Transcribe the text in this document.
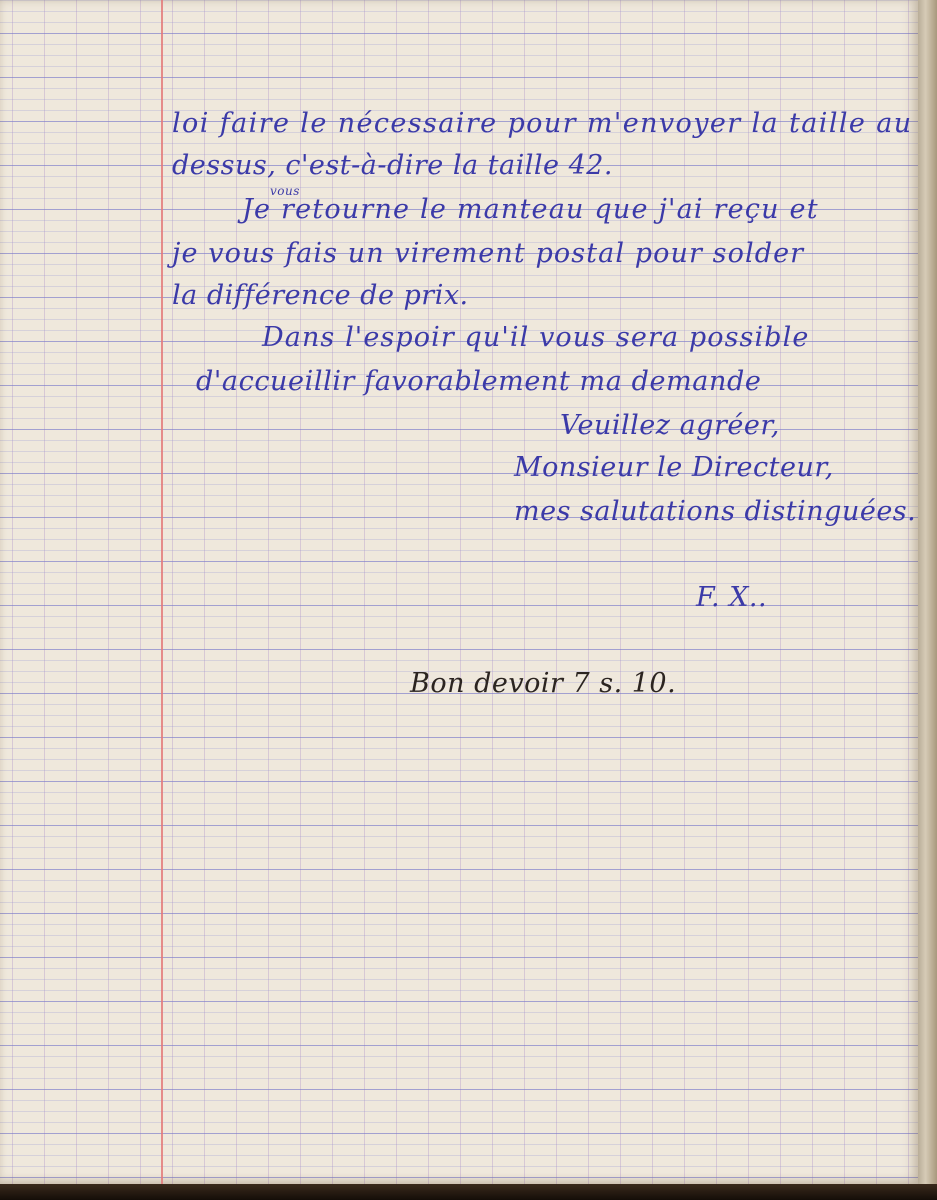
loi faire le nécessaire pour m'envoyer la taille au
dessus, c'est-à-dire la taille 42.
vous
Je retourne le manteau que j'ai reçu et
je vous fais un virement postal pour solder
la différence de prix.
Dans l'espoir qu'il vous sera possible
d'accueillir favorablement ma demande
Veuillez agréer,
Monsieur le Directeur,
mes salutations distinguées.
F. X..
Bon devoir 7 s. 10.
